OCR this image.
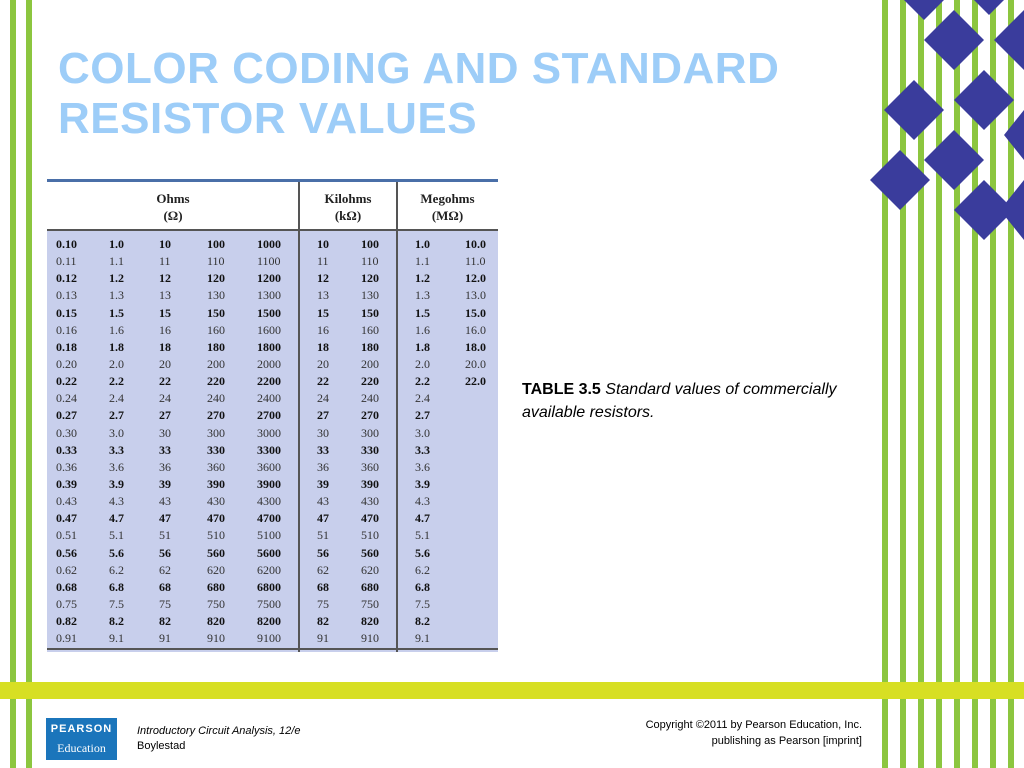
COLOR CODING AND STANDARD RESISTOR VALUES
Ohms
(Ω)
Kilohms
(kΩ)
Megohms
(MΩ)
0.10	1.0	10	100	1000	10	100	1.0	10.0
0.11	1.1	11	110	1100	11	110	1.1	11.0
0.12	1.2	12	120	1200	12	120	1.2	12.0
0.13	1.3	13	130	1300	13	130	1.3	13.0
0.15	1.5	15	150	1500	15	150	1.5	15.0
0.16	1.6	16	160	1600	16	160	1.6	16.0
0.18	1.8	18	180	1800	18	180	1.8	18.0
0.20	2.0	20	200	2000	20	200	2.0	20.0
0.22	2.2	22	220	2200	22	220	2.2	22.0
0.24	2.4	24	240	2400	24	240	2.4
0.27	2.7	27	270	2700	27	270	2.7
0.30	3.0	30	300	3000	30	300	3.0
0.33	3.3	33	330	3300	33	330	3.3
0.36	3.6	36	360	3600	36	360	3.6
0.39	3.9	39	390	3900	39	390	3.9
0.43	4.3	43	430	4300	43	430	4.3
0.47	4.7	47	470	4700	47	470	4.7
0.51	5.1	51	510	5100	51	510	5.1
0.56	5.6	56	560	5600	56	560	5.6
0.62	6.2	62	620	6200	62	620	6.2
0.68	6.8	68	680	6800	68	680	6.8
0.75	7.5	75	750	7500	75	750	7.5
0.82	8.2	82	820	8200	82	820	8.2
0.91	9.1	91	910	9100	91	910	9.1
TABLE 3.5 Standard values of commercially available resistors.
PEARSON
Education
Introductory Circuit Analysis, 12/e
Boylestad
Copyright ©2011 by Pearson Education, Inc.
publishing as Pearson [imprint]
